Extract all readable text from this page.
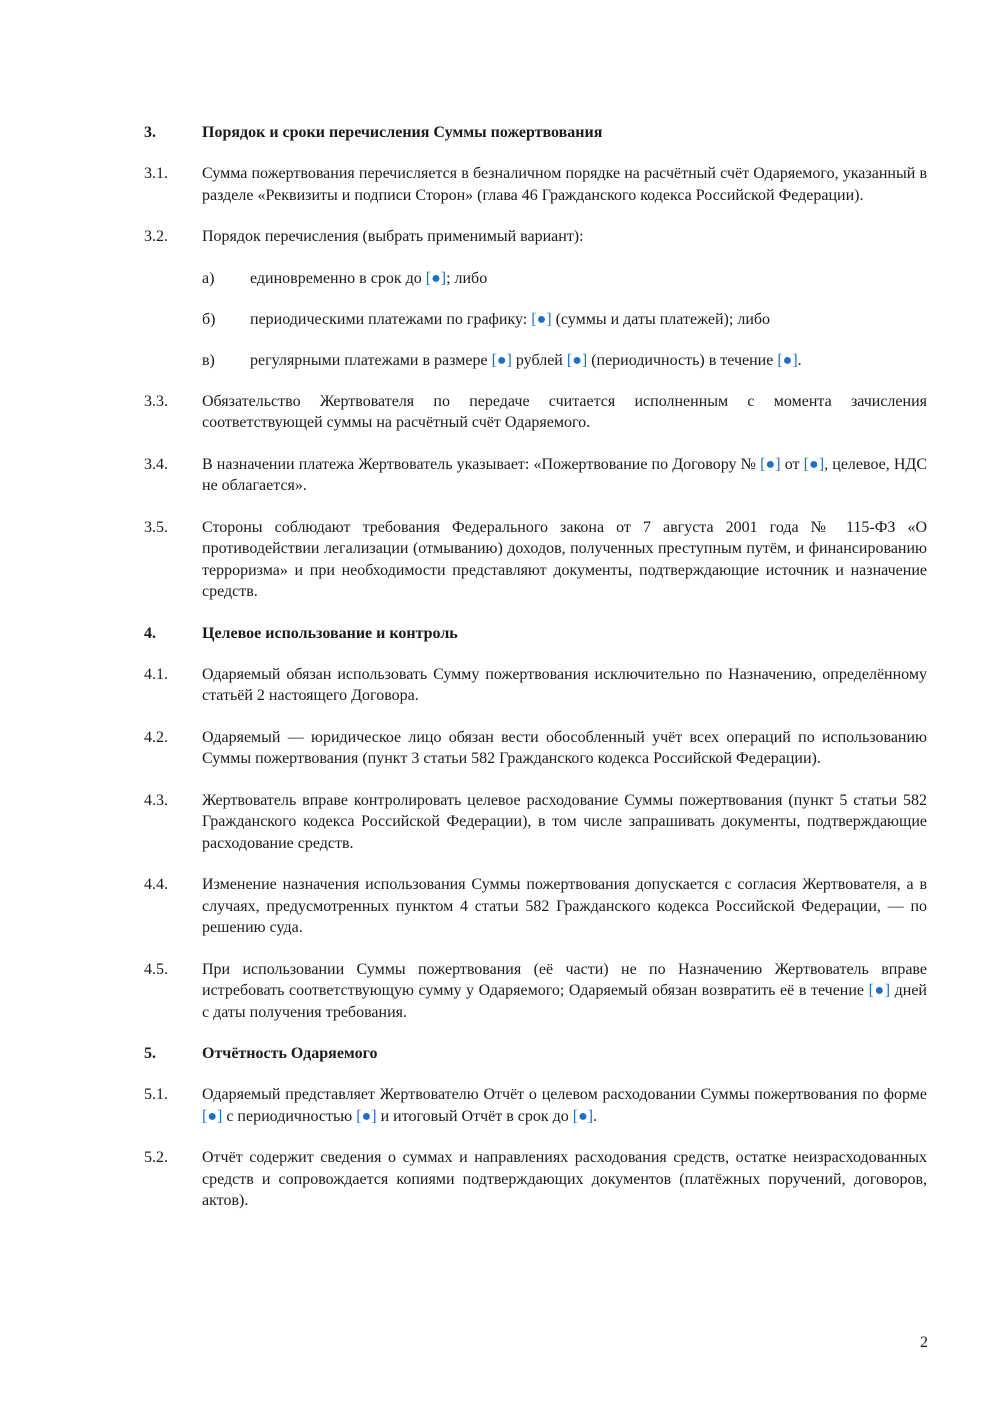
3.	Порядок и сроки перечисления Суммы пожертвования
3.1.	Сумма пожертвования перечисляется в безналичном порядке на расчётный счёт Одаряемого, указанный в разделе «Реквизиты и подписи Сторон» (глава 46 Гражданского кодекса Российской Федерации).
3.2.	Порядок перечисления (выбрать применимый вариант):
а)	единовременно в срок до [●]; либо
б)	периодическими платежами по графику: [●] (суммы и даты платежей); либо
в)	регулярными платежами в размере [●] рублей [●] (периодичность) в течение [●].
3.3.	Обязательство Жертвователя по передаче считается исполненным с момента зачисления соответствующей суммы на расчётный счёт Одаряемого.
3.4.	В назначении платежа Жертвователь указывает: «Пожертвование по Договору № [●] от [●], целевое, НДС не облагается».
3.5.	Стороны соблюдают требования Федерального закона от 7 августа 2001 года № 115-ФЗ «О противодействии легализации (отмыванию) доходов, полученных преступным путём, и финансированию терроризма» и при необходимости представляют документы, подтверждающие источник и назначение средств.
4.	Целевое использование и контроль
4.1.	Одаряемый обязан использовать Сумму пожертвования исключительно по Назначению, определённому статьёй 2 настоящего Договора.
4.2.	Одаряемый — юридическое лицо обязан вести обособленный учёт всех операций по использованию Суммы пожертвования (пункт 3 статьи 582 Гражданского кодекса Российской Федерации).
4.3.	Жертвователь вправе контролировать целевое расходование Суммы пожертвования (пункт 5 статьи 582 Гражданского кодекса Российской Федерации), в том числе запрашивать документы, подтверждающие расходование средств.
4.4.	Изменение назначения использования Суммы пожертвования допускается с согласия Жертвователя, а в случаях, предусмотренных пунктом 4 статьи 582 Гражданского кодекса Российской Федерации, — по решению суда.
4.5.	При использовании Суммы пожертвования (её части) не по Назначению Жертвователь вправе истребовать соответствующую сумму у Одаряемого; Одаряемый обязан возвратить её в течение [●] дней с даты получения требования.
5.	Отчётность Одаряемого
5.1.	Одаряемый представляет Жертвователю Отчёт о целевом расходовании Суммы пожертвования по форме [●] с периодичностью [●] и итоговый Отчёт в срок до [●].
5.2.	Отчёт содержит сведения о суммах и направлениях расходования средств, остатке неизрасходованных средств и сопровождается копиями подтверждающих документов (платёжных поручений, договоров, актов).
2
